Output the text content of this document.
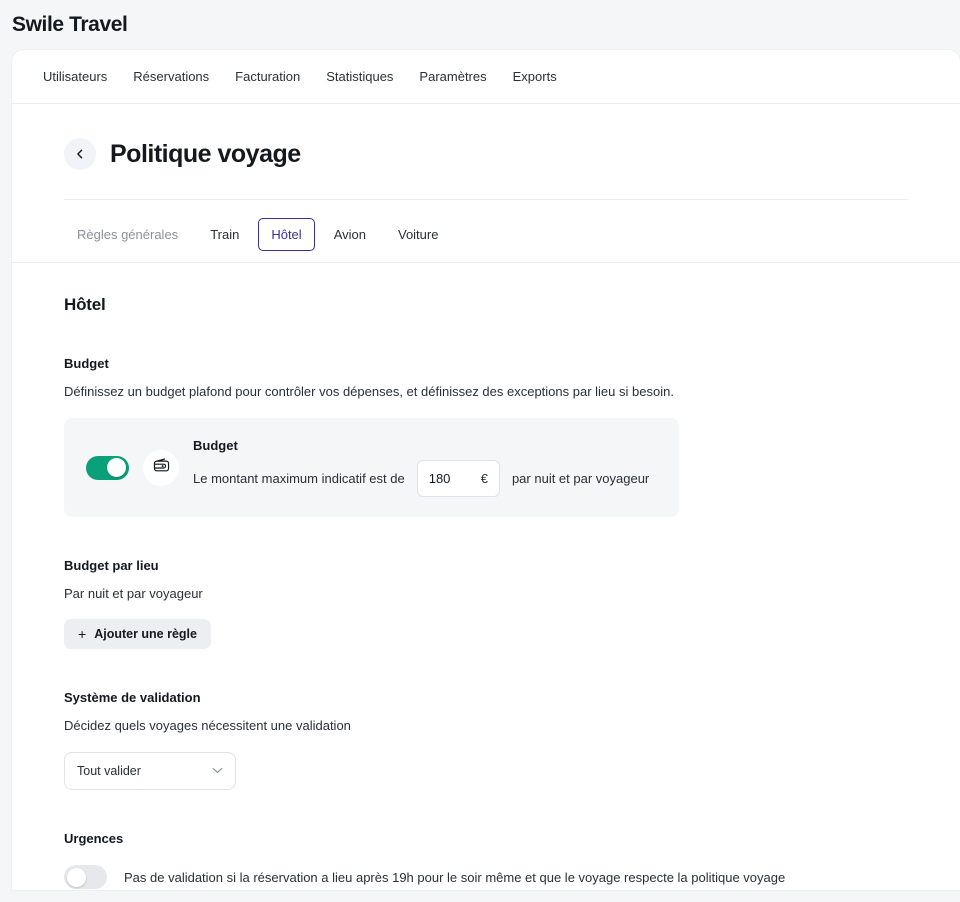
Swile Travel
Utilisateurs	Réservations	Facturation	Statistiques	Paramètres	Exports
Politique voyage
Règles générales	Train	Hôtel	Avion	Voiture
Hôtel
Budget
Définissez un budget plafond pour contrôler vos dépenses, et définissez des exceptions par lieu si besoin.
Budget
Le montant maximum indicatif est de
180	€ par nuit et par voyageur
Budget par lieu
Par nuit et par voyageur
+ Ajouter une règle
Système de validation
Décidez quels voyages nécessitent une validation
Tout valider
Urgences
Pas de validation si la réservation a lieu après 19h pour le soir même et que le voyage respecte la politique voyage
